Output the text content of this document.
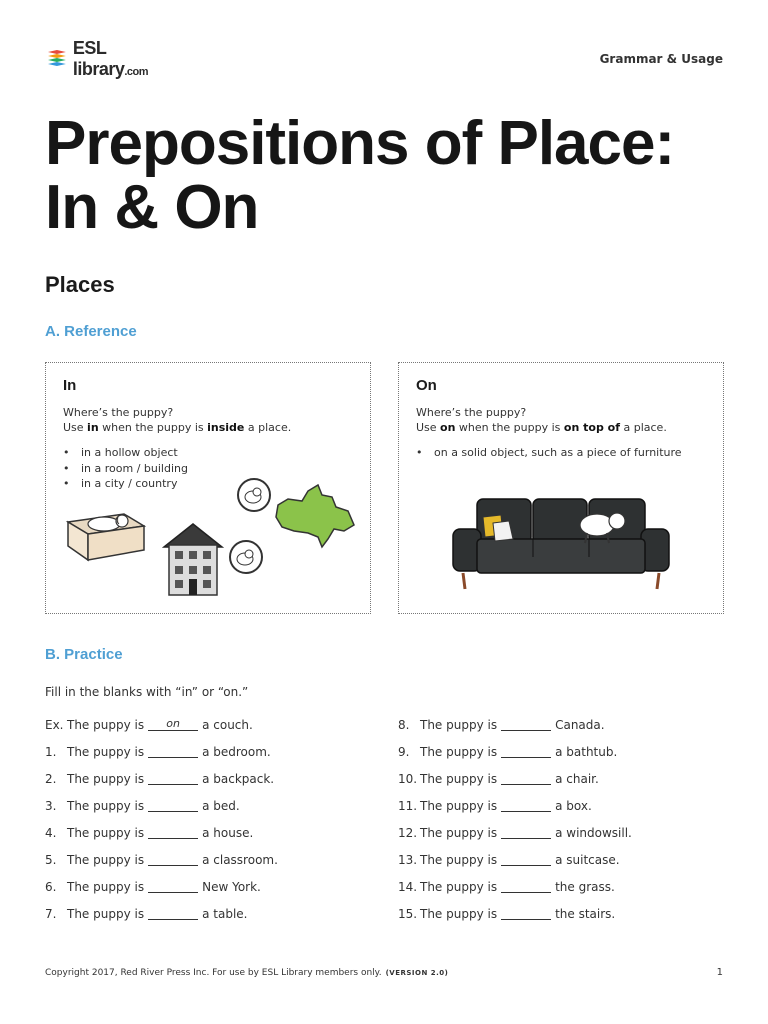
ESL library.com
Grammar & Usage
Prepositions of Place:
In & On
Places
A. Reference
In
Where’s the puppy?
Use in when the puppy is inside a place.
• in a hollow object
• in a room / building
• in a city / country
On
Where’s the puppy?
Use on when the puppy is on top of a place.
• on a solid object, such as a piece of furniture
B. Practice
Fill in the blanks with “in” or “on.”
Ex. The puppy is	on	a couch.
1. The puppy is	a bedroom.
2. The puppy is	a backpack.
3. The puppy is	a bed.
4. The puppy is	a house.
5. The puppy is	a classroom.
6. The puppy is	New York.
7. The puppy is	a table.
8. The puppy is	Canada.
9. The puppy is	a bathtub.
10. The puppy is	a chair.
11. The puppy is	a box.
12. The puppy is	a windowsill.
13. The puppy is	a suitcase.
14. The puppy is	the grass.
15. The puppy is	the stairs.
Copyright 2017, Red River Press Inc. For use by ESL Library members only. (VERSION 2.0)	1
